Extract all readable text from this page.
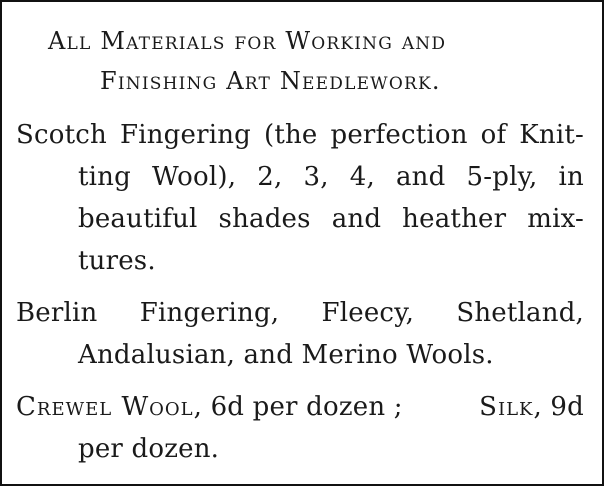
All Materials for Working and
Finishing Art Needlework.
Scotch Fingering (the perfection of Knit-
ting Wool), 2, 3, 4, and 5-ply, in
beautiful shades and heather mix-
tures.
Berlin Fingering, Fleecy, Shetland,
Andalusian, and Merino Wools.
Crewel Wool, 6d per dozen ;	Silk, 9d
per dozen.
